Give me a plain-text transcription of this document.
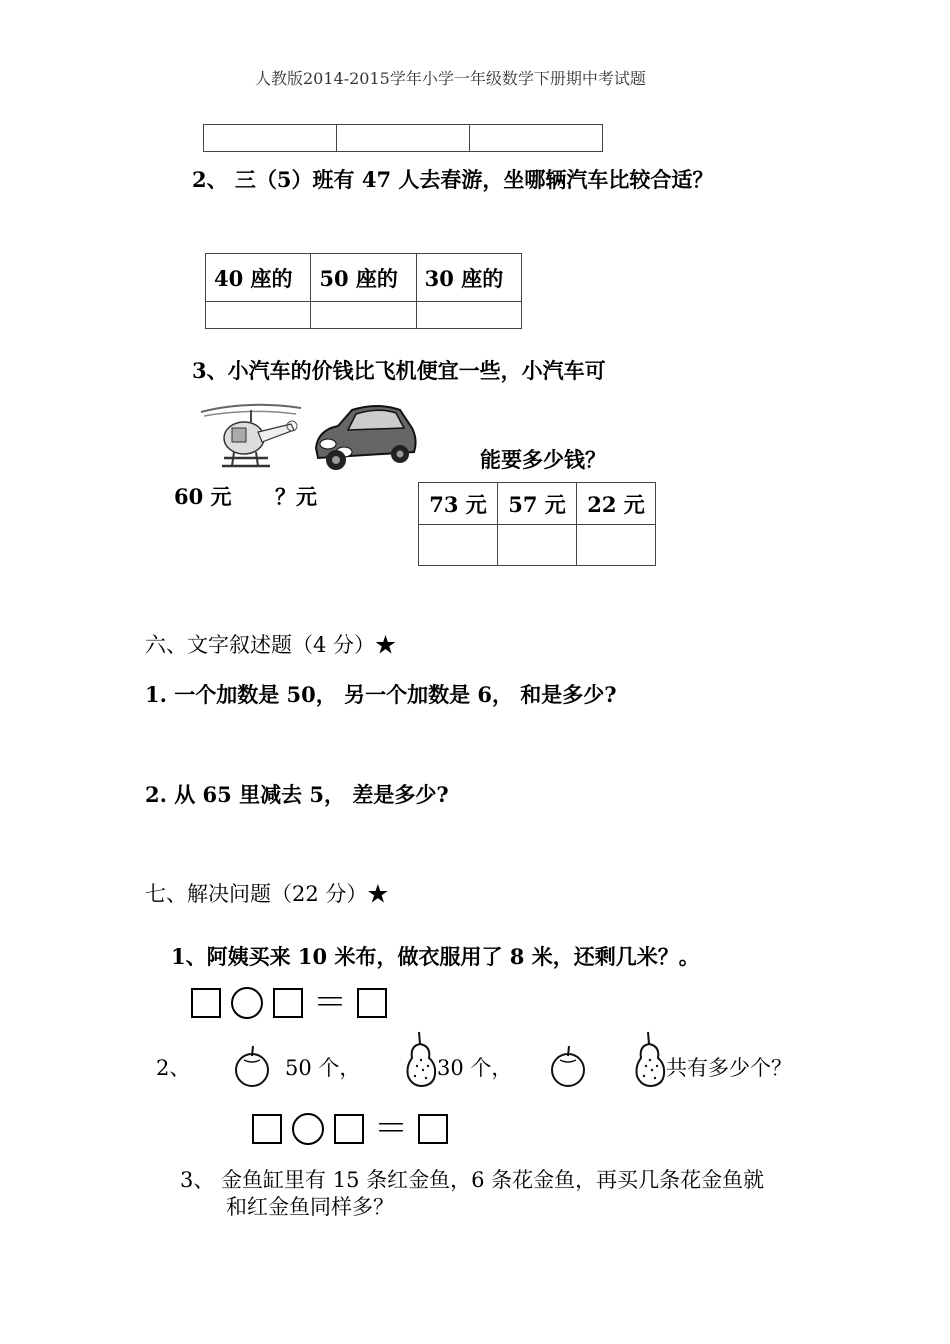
人教版2014-2015学年小学一年级数学下册期中考试题

2、 三（5）班有 47 人去春游，坐哪辆汽车比较合适？
40 座的	50 座的	30 座的

3、小汽车的价钱比飞机便宜一些，小汽车可
能要多少钱？
60 元 ？元	73 元	57 元	22 元

六、文字叙述题（4 分）★
1. 一个加数是 50， 另一个加数是 6， 和是多少?
2. 从 65 里减去 5， 差是多少?
七、解决问题（22 分）★
1、阿姨买来 10 米布，做衣服用了 8 米，还剩几米？。
＝
2、	50 个，	30 个，	共有多少个？
＝
3、 金鱼缸里有 15 条红金鱼，6 条花金鱼，再买几条花金鱼就
和红金鱼同样多？
